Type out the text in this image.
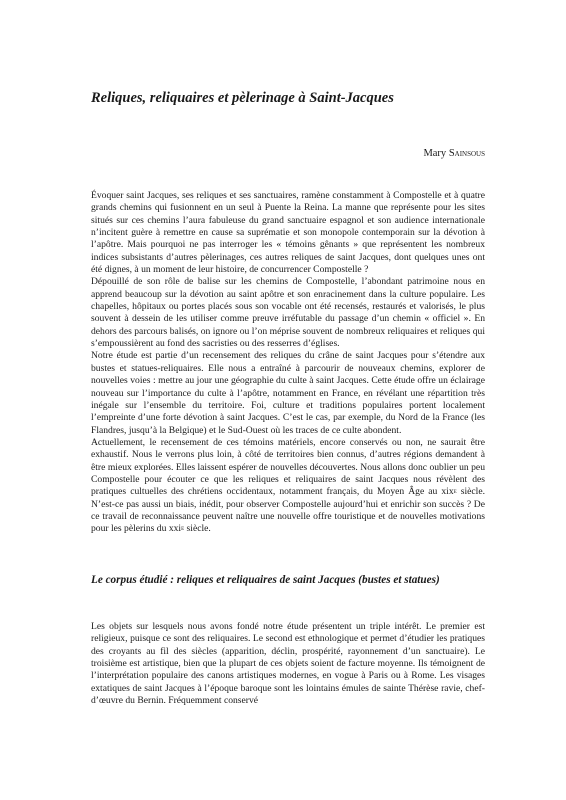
Reliques, reliquaires et pèlerinage à Saint-Jacques

Mary Sainsous

Évoquer saint Jacques, ses reliques et ses sanctuaires, ramène constamment à Compostelle et à quatre grands chemins qui fusionnent en un seul à Puente la Reina. La manne que représente pour les sites situés sur ces chemins l’aura fabuleuse du grand sanctuaire espagnol et son audience internationale n’incitent guère à remettre en cause sa suprématie et son monopole contemporain sur la dévotion à l’apôtre. Mais pourquoi ne pas interroger les « témoins gênants » que représentent les nombreux indices subsistants d’autres pèlerinages, ces autres reliques de saint Jacques, dont quelques unes ont été dignes, à un moment de leur histoire, de concurrencer Compostelle ?

Dépouillé de son rôle de balise sur les chemins de Compostelle, l’abondant patrimoine nous en apprend beaucoup sur la dévotion au saint apôtre et son enracinement dans la culture populaire. Les chapelles, hôpitaux ou portes placés sous son vocable ont été recensés, restaurés et valorisés, le plus souvent à dessein de les utiliser comme preuve irréfutable du passage d’un chemin « officiel ». En dehors des parcours balisés, on ignore ou l’on méprise souvent de nombreux reliquaires et reliques qui s’empoussièrent au fond des sacristies ou des resserres d’églises.

Notre étude est partie d’un recensement des reliques du crâne de saint Jacques pour s’étendre aux bustes et statues-reliquaires. Elle nous a entraîné à parcourir de nouveaux chemins, explorer de nouvelles voies : mettre au jour une géographie du culte à saint Jacques. Cette étude offre un éclairage nouveau sur l’importance du culte à l’apôtre, notamment en France, en révélant une répartition très inégale sur l’ensemble du territoire. Foi, culture et traditions populaires portent localement l’empreinte d’une forte dévotion à saint Jacques. C’est le cas, par exemple, du Nord de la France (les Flandres, jusqu’à la Belgique) et le Sud-Ouest où les traces de ce culte abondent.

Actuellement, le recensement de ces témoins matériels, encore conservés ou non, ne saurait être exhaustif. Nous le verrons plus loin, à côté de territoires bien connus, d’autres régions demandent à être mieux explorées. Elles laissent espérer de nouvelles découvertes. Nous allons donc oublier un peu Compostelle pour écouter ce que les reliques et reliquaires de saint Jacques nous révèlent des pratiques cultuelles des chrétiens occidentaux, notamment français, du Moyen Âge au xix$^e$ siècle. N’est-ce pas aussi un biais, inédit, pour observer Compostelle aujourd’hui et enrichir son succès ? De ce travail de reconnaissance peuvent naître une nouvelle offre touristique et de nouvelles motivations pour les pèlerins du xxi$^e$ siècle.

Le corpus étudié : reliques et reliquaires de saint Jacques (bustes et statues)

Les objets sur lesquels nous avons fondé notre étude présentent un triple intérêt. Le premier est religieux, puisque ce sont des reliquaires. Le second est ethnologique et permet d’étudier les pratiques des croyants au fil des siècles (apparition, déclin, prospérité, rayonnement d’un sanctuaire). Le troisième est artistique, bien que la plupart de ces objets soient de facture moyenne. Ils témoignent de l’interprétation populaire des canons artistiques modernes, en vogue à Paris ou à Rome. Les visages extatiques de saint Jacques à l’époque baroque sont les lointains émules de sainte Thérèse ravie, chef-d’œuvre du Bernin. Fréquemment conservé
